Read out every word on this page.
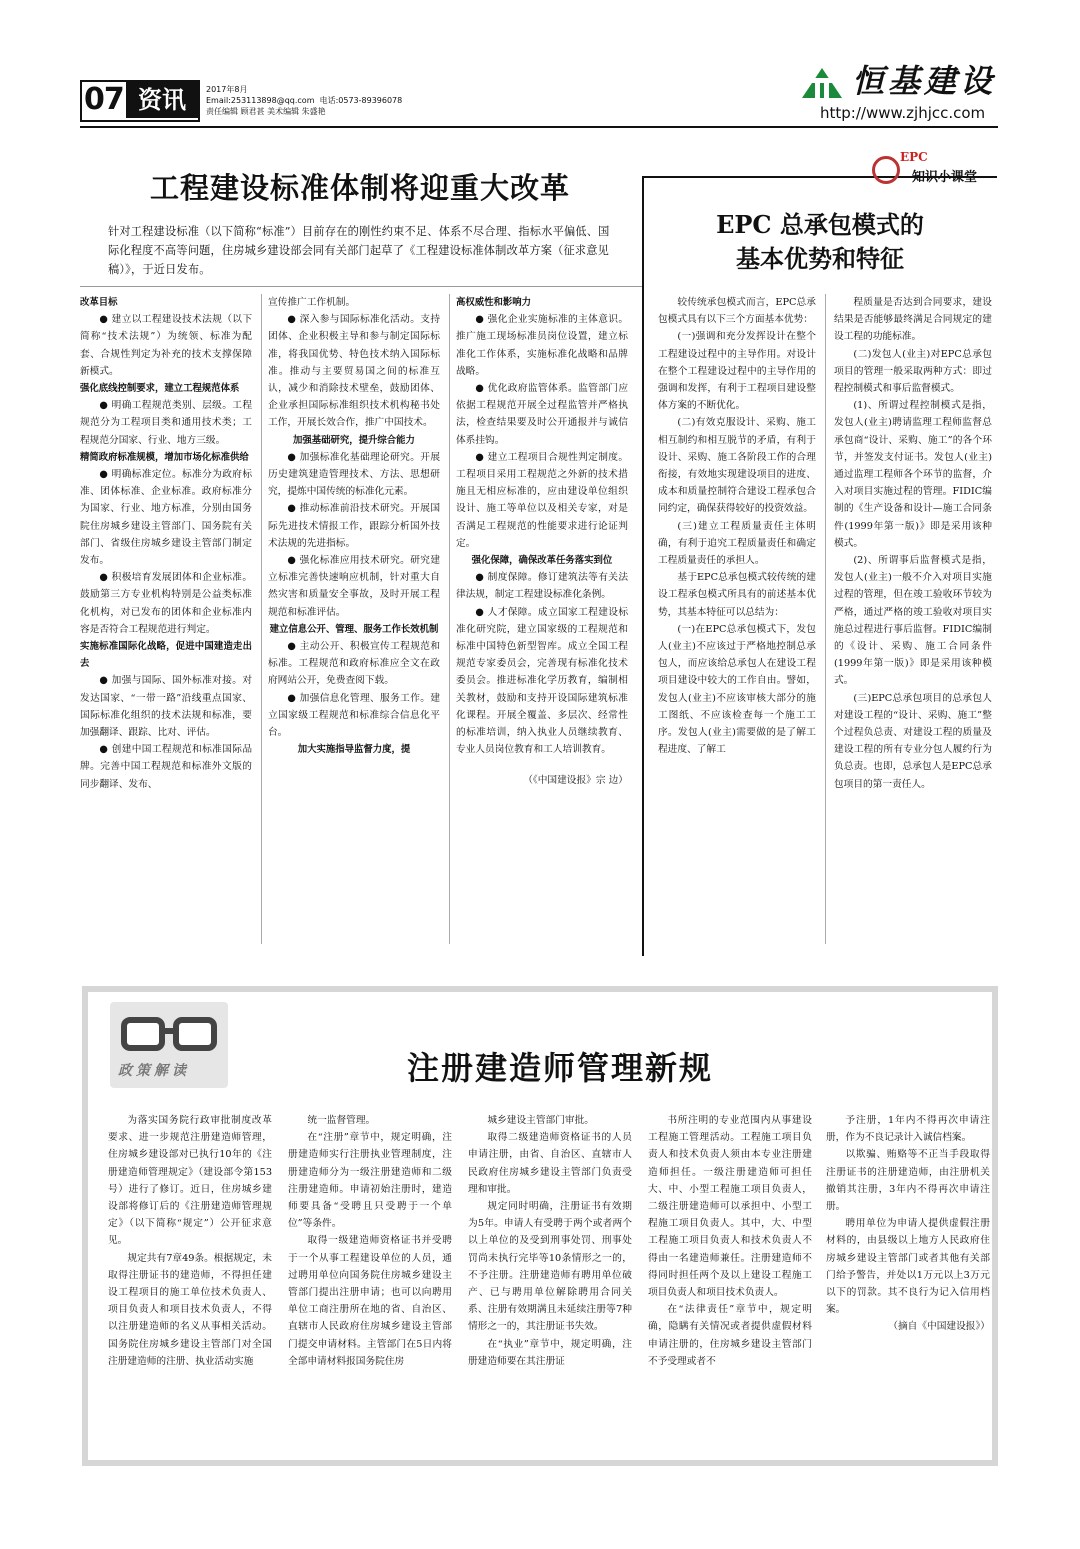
07 资讯	2017年8月
Email:253113898@qq.com 电话:0573-89396078
责任编辑 顾君甚 美术编辑 朱盛艳
恒基建设
http://www.zjhjcc.com
工程建设标准体制将迎重大改革
针对工程建设标准（以下简称“标准”）目前存在的刚性约束不足、体系不尽合理、指标水平偏低、国际化程度不高等问题，住房城乡建设部会同有关部门起草了《工程建设标准体制改革方案（征求意见稿）》，于近日发布。

改革目标

● 建立以工程建设技术法规（以下简称“技术法规”）为统领、标准为配套、合规性判定为补充的技术支撑保障新模式。

强化底线控制要求，建立工程规范体系

● 明确工程规范类别、层级。工程规范分为工程项目类和通用技术类；工程规范分国家、行业、地方三级。

精简政府标准规模，增加市场化标准供给

● 明确标准定位。标准分为政府标准、团体标准、企业标准。政府标准分为国家、行业、地方标准，分别由国务院住房城乡建设主管部门、国务院有关部门、省级住房城乡建设主管部门制定发布。

● 积极培育发展团体和企业标准。鼓励第三方专业机构特别是公益类标准化机构，对已发布的团体和企业标准内容是否符合工程规范进行判定。

实施标准国际化战略，促进中国建造走出去

● 加强与国际、国外标准对接。对发达国家、“一带一路”沿线重点国家、国际标准化组织的技术法规和标准，要加强翻译、跟踪、比对、评估。

● 创建中国工程规范和标准国际品牌。完善中国工程规范和标准外文版的同步翻译、发布、

宣传推广工作机制。

● 深入参与国际标准化活动。支持团体、企业积极主导和参与制定国际标准，将我国优势、特色技术纳入国际标准。推动与主要贸易国之间的标准互认，减少和消除技术壁垒，鼓励团体、企业承担国际标准组织技术机构秘书处工作，开展长效合作，推广中国技术。

加强基础研究，提升综合能力

● 加强标准化基础理论研究。开展历史建筑建造管理技术、方法、思想研究，提炼中国传统的标准化元素。

● 推动标准前沿技术研究。开展国际先进技术情报工作，跟踪分析国外技术法规的先进指标。

● 强化标准应用技术研究。研究建立标准完善快速响应机制，针对重大自然灾害和质量安全事故，及时开展工程规范和标准评估。

建立信息公开、管理、服务工作长效机制

● 主动公开、积极宣传工程规范和标准。工程规范和政府标准应全文在政府网站公开，免费查阅下载。

● 加强信息化管理、服务工作。建立国家级工程规范和标准综合信息化平台。

加大实施指导监督力度，提

高权威性和影响力

● 强化企业实施标准的主体意识。推广施工现场标准员岗位设置，建立标准化工作体系，实施标准化战略和品牌战略。

● 优化政府监管体系。监管部门应依据工程规范开展全过程监管并严格执法，检查结果要及时公开通报并与诚信体系挂钩。

● 建立工程项目合规性判定制度。工程项目采用工程规范之外新的技术措施且无相应标准的，应由建设单位组织设计、施工等单位以及相关专家，对是否满足工程规范的性能要求进行论证判定。

强化保障，确保改革任务落实到位

● 制度保障。修订建筑法等有关法律法规，制定工程建设标准化条例。

● 人才保障。成立国家工程建设标准化研究院，建立国家级的工程规范和标准中国特色新型智库。成立全国工程规范专家委员会，完善现有标准化技术委员会。推进标准化学历教育，编制相关教材，鼓励和支持开设国际建筑标准化课程。开展全覆盖、多层次、经常性的标准培训，纳入执业人员继续教育、专业人员岗位教育和工人培训教育。

（《中国建设报》宗 边）

EPC
知识小课堂
EPC 总承包模式的
基本优势和特征

较传统承包模式而言，EPC总承包模式具有以下三个方面基本优势：

(一)强调和充分发挥设计在整个工程建设过程中的主导作用。对设计在整个工程建设过程中的主导作用的强调和发挥，有利于工程项目建设整体方案的不断优化。

(二)有效克服设计、采购、施工相互制约和相互脱节的矛盾，有利于设计、采购、施工各阶段工作的合理衔接，有效地实现建设项目的进度、成本和质量控制符合建设工程承包合同约定，确保获得较好的投资效益。

(三)建立工程质量责任主体明确，有利于追究工程质量责任和确定工程质量责任的承担人。

基于EPC总承包模式较传统的建设工程承包模式所具有的前述基本优势，其基本特征可以总结为：

(一)在EPC总承包模式下，发包人(业主)不应该过于严格地控制总承包人，而应该给总承包人在建设工程项目建设中较大的工作自由。譬如，发包人(业主)不应该审核大部分的施工图纸、不应该检查每一个施工工序。发包人(业主)需要做的是了解工程进度、了解工

程质量是否达到合同要求，建设结果是否能够最终满足合同规定的建设工程的功能标准。

(二)发包人(业主)对EPC总承包项目的管理一般采取两种方式：即过程控制模式和事后监督模式。

(1)、所谓过程控制模式是指，发包人(业主)聘请监理工程师监督总承包商“设计、采购、施工”的各个环节，并签发支付证书。发包人(业主)通过监理工程师各个环节的监督，介入对项目实施过程的管理。FIDIC编制的《生产设备和设计—施工合同条件(1999年第一版)》即是采用该种模式。

(2)、所谓事后监督模式是指，发包人(业主)一般不介入对项目实施过程的管理，但在竣工验收环节较为严格，通过严格的竣工验收对项目实施总过程进行事后监督。FIDIC编制的《设计、采购、施工合同条件(1999年第一版)》即是采用该种模式。

(三)EPC总承包项目的总承包人对建设工程的“设计、采购、施工”整个过程负总责、对建设工程的质量及建设工程的所有专业分包人履约行为负总责。也即，总承包人是EPC总承包项目的第一责任人。

政策解读	注册建造师管理新规

为落实国务院行政审批制度改革要求、进一步规范注册建造师管理，住房城乡建设部对已执行10年的《注册建造师管理规定》（建设部令第153号）进行了修订。近日，住房城乡建设部将修订后的《注册建造师管理规定》（以下简称“规定”）公开征求意见。

规定共有7章49条。根据规定，未取得注册证书的建造师，不得担任建设工程项目的施工单位技术负责人、项目负责人和项目技术负责人，不得以注册建造师的名义从事相关活动。国务院住房城乡建设主管部门对全国注册建造师的注册、执业活动实施

统一监督管理。

在“注册”章节中，规定明确，注册建造师实行注册执业管理制度，注册建造师分为一级注册建造师和二级注册建造师。申请初始注册时，建造师要具备“受聘且只受聘于一个单位”等条件。

取得一级建造师资格证书并受聘于一个从事工程建设单位的人员，通过聘用单位向国务院住房城乡建设主管部门提出注册申请；也可以向聘用单位工商注册所在地的省、自治区、直辖市人民政府住房城乡建设主管部门提交申请材料。主管部门在5日内将全部申请材料报国务院住房

城乡建设主管部门审批。

取得二级建造师资格证书的人员申请注册，由省、自治区、直辖市人民政府住房城乡建设主管部门负责受理和审批。

规定同时明确，注册证书有效期为5年。申请人有受聘于两个或者两个以上单位的及受到刑事处罚、刑事处罚尚未执行完毕等10条情形之一的，不予注册。注册建造师有聘用单位破产、已与聘用单位解除聘用合同关系、注册有效期满且未延续注册等7种情形之一的，其注册证书失效。

在“执业”章节中，规定明确，注册建造师要在其注册证

书所注明的专业范围内从事建设工程施工管理活动。工程施工项目负责人和技术负责人须由本专业注册建造师担任。一级注册建造师可担任大、中、小型工程施工项目负责人，二级注册建造师可以承担中、小型工程施工项目负责人。其中，大、中型工程施工项目负责人和技术负责人不得由一名建造师兼任。注册建造师不得同时担任两个及以上建设工程施工项目负责人和项目技术负责人。

在“法律责任”章节中，规定明确，隐瞒有关情况或者提供虚假材料申请注册的，住房城乡建设主管部门不予受理或者不

予注册，1年内不得再次申请注册，作为不良记录计入诚信档案。

以欺骗、贿赂等不正当手段取得注册证书的注册建造师，由注册机关撤销其注册，3年内不得再次申请注册。

聘用单位为申请人提供虚假注册材料的，由县级以上地方人民政府住房城乡建设主管部门或者其他有关部门给予警告，并处以1万元以上3万元以下的罚款。其不良行为记入信用档案。

（摘自《中国建设报》）
